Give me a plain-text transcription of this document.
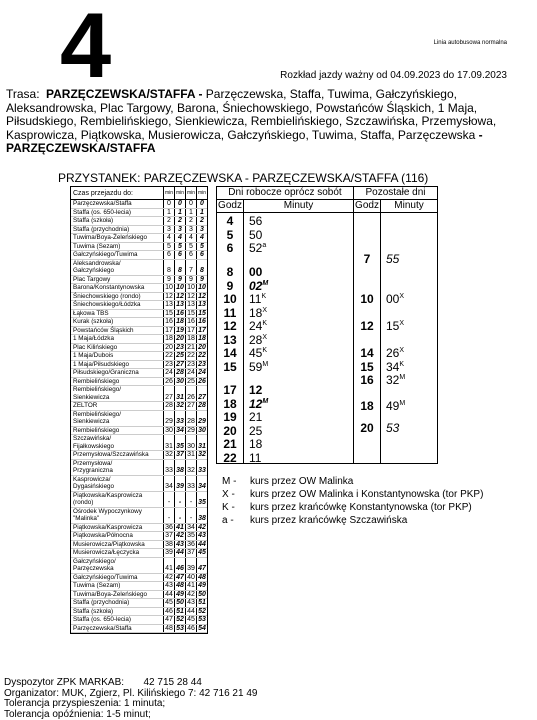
4	Linia autobusowa normalna
Rozkład jazdy ważny od 04.09.2023 do 17.09.2023
Trasa: PARZĘCZEWSKA/STAFFA - Parzęczewska, Staffa, Tuwima, Gałczyńskiego, Aleksandrowska, Plac Targowy, Barona, Śniechowskiego, Powstańców Śląskich, 1 Maja, Piłsudskiego, Rembielińskiego, Sienkiewicza, Rembielińskiego, Szczawińska, Przemysłowa, Kasprowicza, Piątkowska, Musierowicza, Gałczyńskiego, Tuwima, Staffa, Parzęczewska - PARZĘCZEWSKA/STAFFA
PRZYSTANEK: PARZĘCZEWSKA - PARZĘCZEWSKA/STAFFA (116)
Czas przejazdu do:	min min min min
Parzęczewska/Staffa	0	0	0	0
Staffa (os. 650-lecia)	1	1	1	1
Staffa (szkoła)	2	2	2	2
Staffa (przychodnia)	3	3	3	3
Tuwima/Boya-Żeleńskiego	4	4	4	4
Tuwima (Sezam)	5	5	5	5
Gałczyńskiego/Tuwima	6	6	6	6
Aleksandrowska/
Gałczyńskiego	8	8	7	8
Plac Targowy	9	9	9	9
Barona/Konstantynowska	10 10 10 10
Śniechowskiego (rondo)	12 12 12 12
Śniechowskiego/Łódzka	13 13 13 13
Łąkowa TBS	15 16 15 15
Kurak (szkoła)	16 18 16 16
Powstańców Śląskich	17 19 17 17
1 Maja/Łódzka	18 20 18 18
Plac Kilińskiego	20 23 21 20
1 Maja/Dubois	22 25 22 22
1 Maja/Piłsudskiego	23 27 23 23
Piłsudskiego/Graniczna	24 28 24 24
Rembielińskiego	26 30 25 26
Rembielińskiego/
Sienkiewicza	27 31 26 27
ZELTOR	28 32 27 28
Rembielińskiego/
Sienkiewicza	29 33 28 29
Rembielińskiego	30 34 29 30
Szczawińska/
Fijałkowskiego	31 35 30 31
Przemysłowa/Szczawińska	32 37 31 32
Przemysłowa/
Przygraniczna	33 38 32 33
Kasprowicza/
Dygasińskiego	34 39 33 34
Piątkowska/Kasprowicza
(rondo)	-	-	- 35
Ośrodek Wypoczynkowy
"Malinka"	-	-	- 38
Piątkowska/Kasprowicza	36 41 34 42
Piątkowska/Północna	37 42 35 43
Musierowicza/Piątkowska	38 43 36 44
Musierowicza/Łęczycka	39 44 37 45
Gałczyńskiego/
Parzęczewska	41 46 39 47
Gałczyńskiego/Tuwima	42 47 40 48
Tuwima (Sezam)	43 48 41 49
Tuwima/Boya-Żeleńskiego	44 49 42 50
Staffa (przychodnia)	45 50 43 51
Staffa (szkoła)	46 51 44 52
Staffa (os. 650-lecia)	47 52 45 53
Parzęczewska/Staffa	48 53 46 54
Dni robocze oprócz sobót	Pozostałe dni
Godz	Minuty	Godz	Minuty
4	56
5	50
6	52$^a$
8	00
9	$02^M$
10	$11^K$
11	$18^X$
12	$24^K$
13	$28^X$
14	$45^K$
15	$59^M$
17	12
18	$12^M$
19	21
20	25
21	18
22	11
7	55
10	$00^X$
12	$15^X$
14	$26^X$
15	$34^K$
16	$32^M$
18	$49^M$
20	53
M - kurs przez OW Malinka
X - kurs przez OW Malinka i Konstantynowska (tor PKP)
K - kurs przez krańcówkę Konstantynowska (tor PKP)
a - kurs przez krańcówkę Szczawińska
Dyspozytor ZPK MARKAB:       42 715 28 44
Organizator: MUK, Zgierz, Pl. Kilińskiego 7: 42 716 21 49
Tolerancja przyspieszenia: 1 minuta;
Tolerancja opóźnienia: 1-5 minut;
